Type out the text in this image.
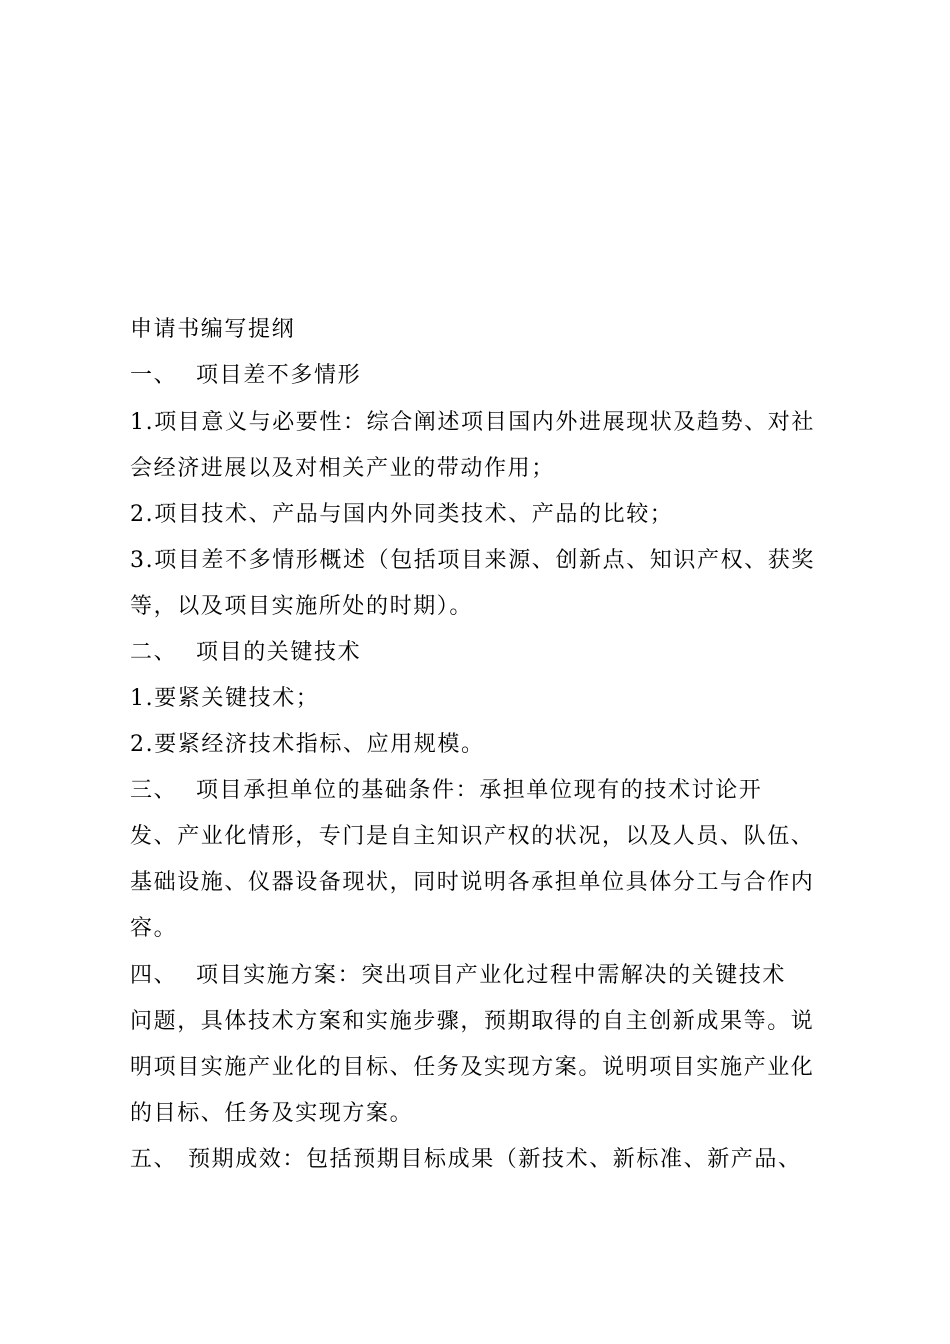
申请书编写提纲
一、 项目差不多情形
1.项目意义与必要性：综合阐述项目国内外进展现状及趋势、对社
会经济进展以及对相关产业的带动作用；
2.项目技术、产品与国内外同类技术、产品的比较；
3.项目差不多情形概述（包括项目来源、创新点、知识产权、获奖
等，以及项目实施所处的时期）。
二、 项目的关键技术
1.要紧关键技术；
2.要紧经济技术指标、应用规模。
三、 项目承担单位的基础条件：承担单位现有的技术讨论开
发、产业化情形，专门是自主知识产权的状况，以及人员、队伍、
基础设施、仪器设备现状，同时说明各承担单位具体分工与合作内
容。
四、 项目实施方案：突出项目产业化过程中需解决的关键技术
问题，具体技术方案和实施步骤，预期取得的自主创新成果等。说
明项目实施产业化的目标、任务及实现方案。说明项目实施产业化
的目标、任务及实现方案。
五、 预期成效：包括预期目标成果（新技术、新标准、新产品、
